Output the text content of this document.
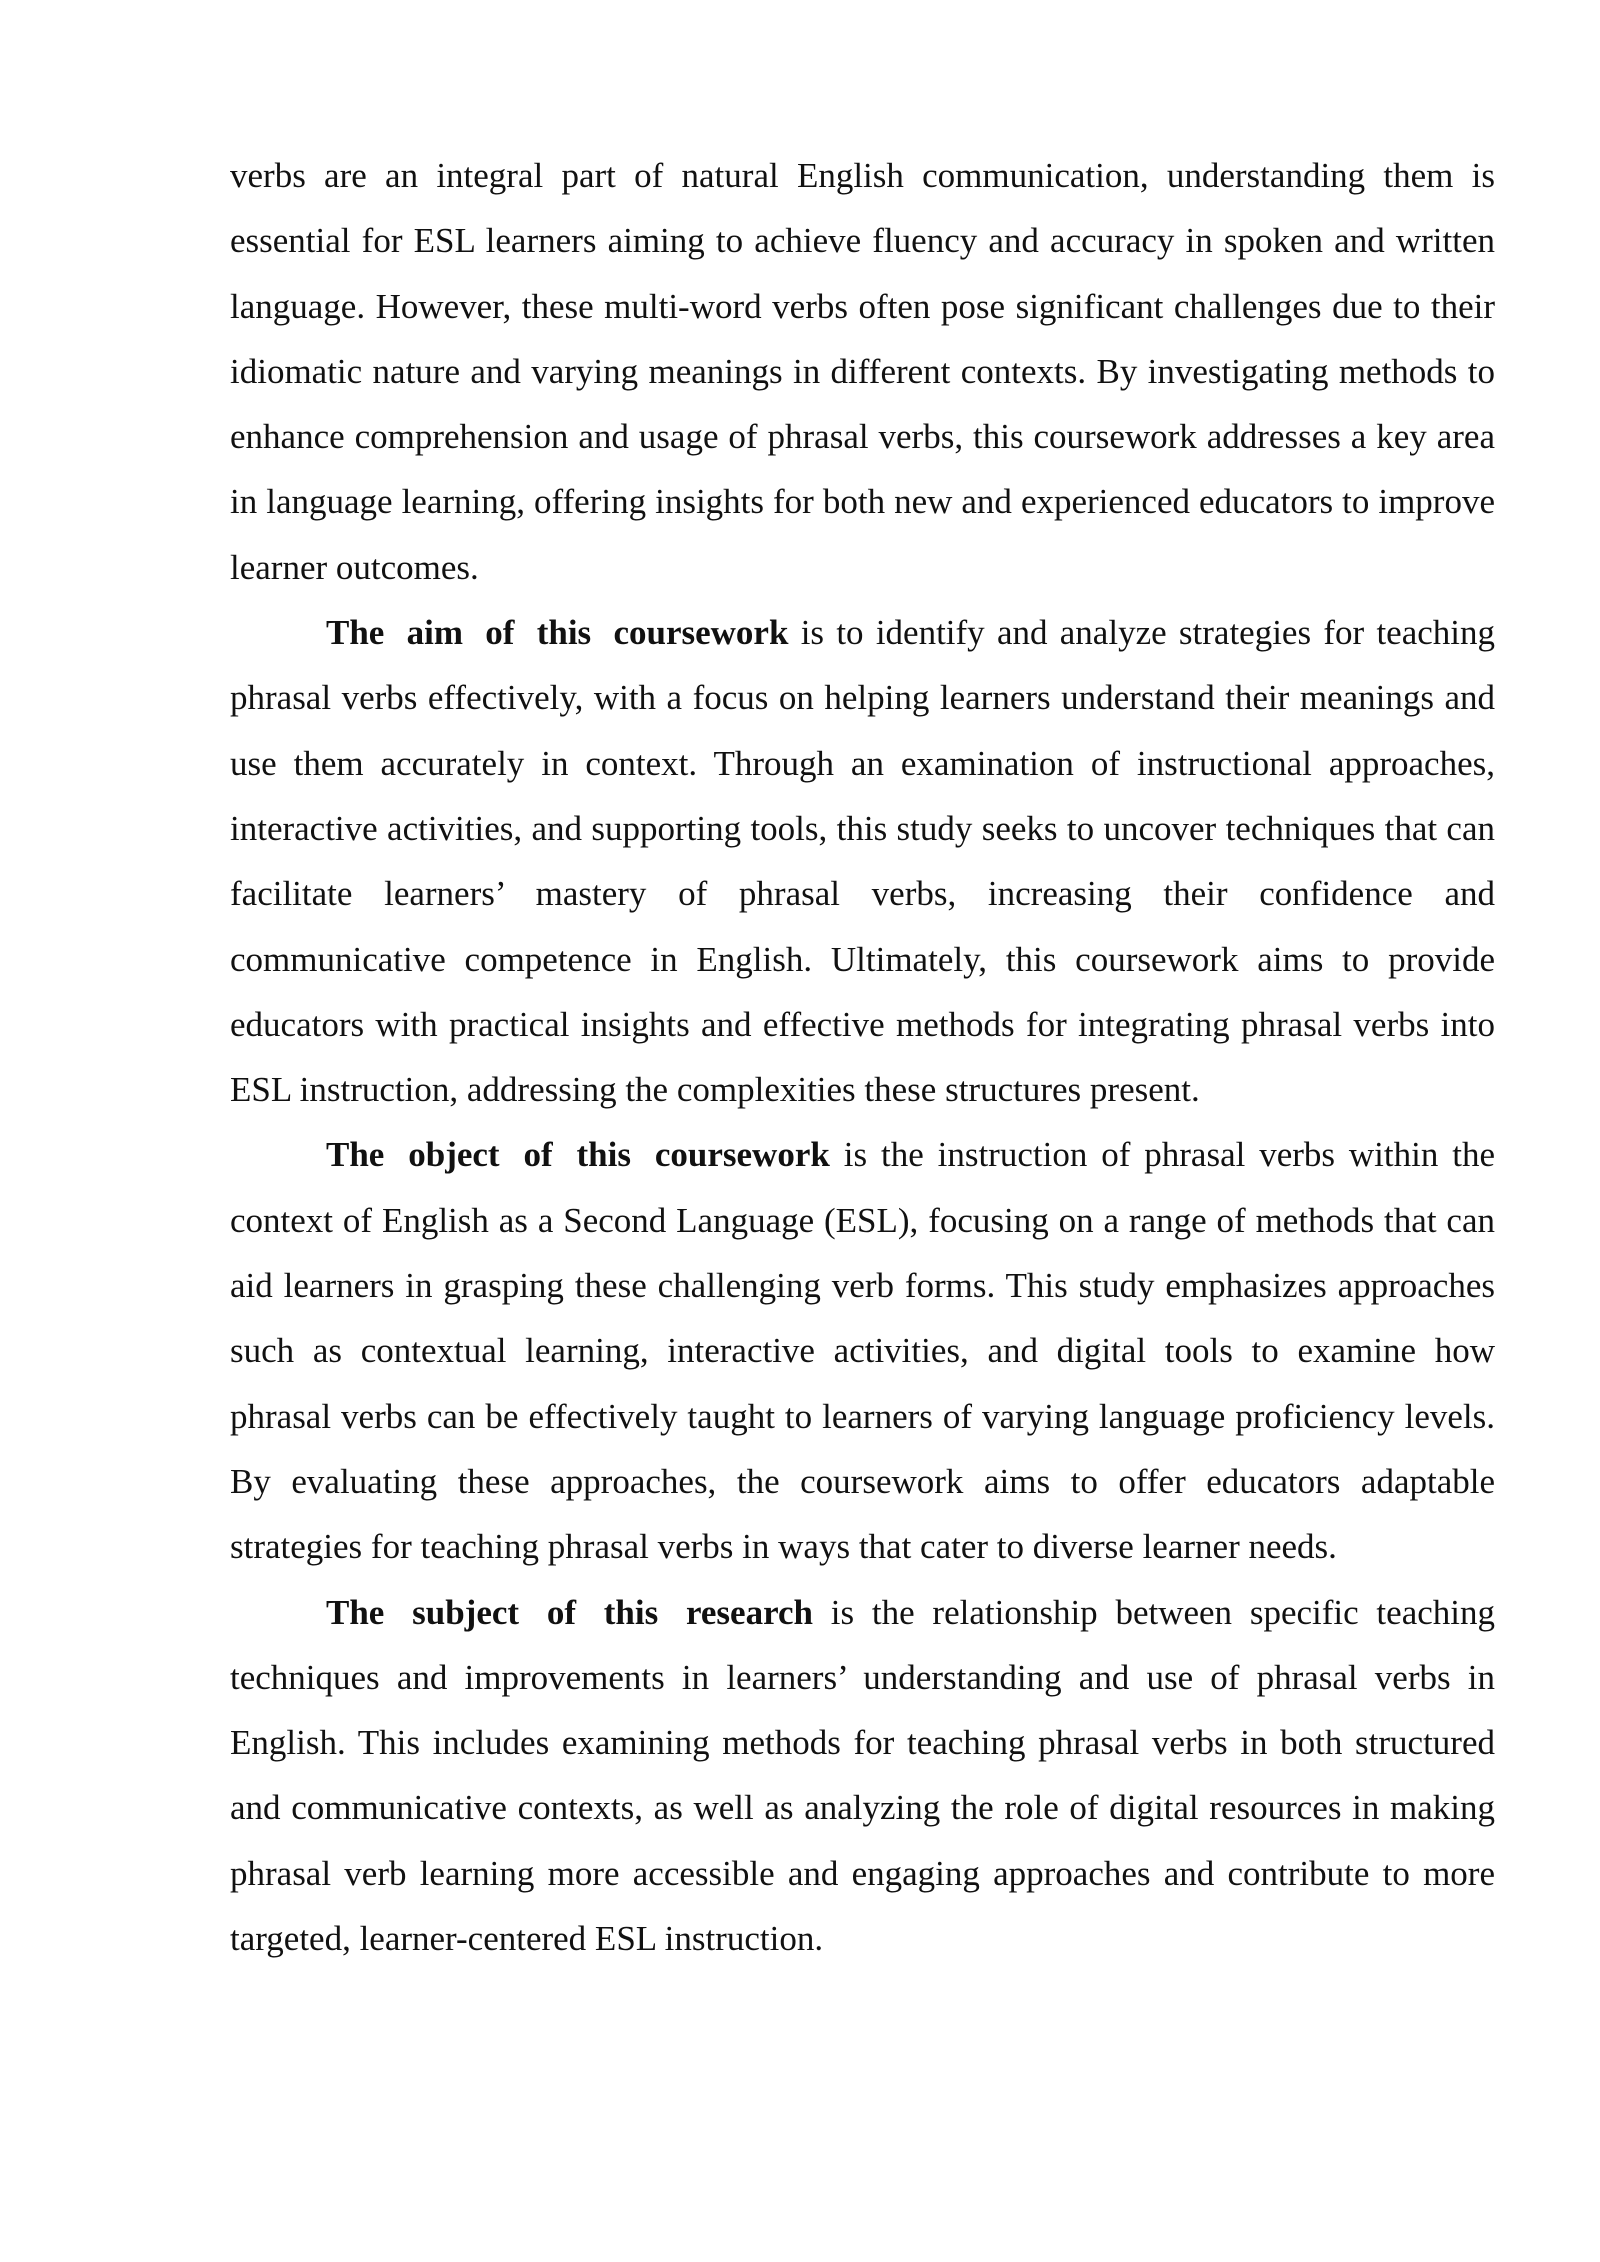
verbs are an integral part of natural English communication, understanding them is essential for ESL learners aiming to achieve fluency and accuracy in spoken and written language. However, these multi-word verbs often pose significant challenges due to their idiomatic nature and varying meanings in different contexts. By investigating methods to enhance comprehension and usage of phrasal verbs, this coursework addresses a key area in language learning, offering insights for both new and experienced educators to improve learner outcomes.

The aim of this coursework is to identify and analyze strategies for teaching phrasal verbs effectively, with a focus on helping learners understand their meanings and use them accurately in context. Through an examination of instructional approaches, interactive activities, and supporting tools, this study seeks to uncover techniques that can facilitate learners’ mastery of phrasal verbs, increasing their confidence and communicative competence in English. Ultimately, this coursework aims to provide educators with practical insights and effective methods for integrating phrasal verbs into ESL instruction, addressing the complexities these structures present.

The object of this coursework is the instruction of phrasal verbs within the context of English as a Second Language (ESL), focusing on a range of methods that can aid learners in grasping these challenging verb forms. This study emphasizes approaches such as contextual learning, interactive activities, and digital tools to examine how phrasal verbs can be effectively taught to learners of varying language proficiency levels. By evaluating these approaches, the coursework aims to offer educators adaptable strategies for teaching phrasal verbs in ways that cater to diverse learner needs.

The subject of this research is the relationship between specific teaching techniques and improvements in learners’ understanding and use of phrasal verbs in English. This includes examining methods for teaching phrasal verbs in both structured and communicative contexts, as well as analyzing the role of digital resources in making phrasal verb learning more accessible and engaging approaches and contribute to more targeted, learner-centered ESL instruction.
